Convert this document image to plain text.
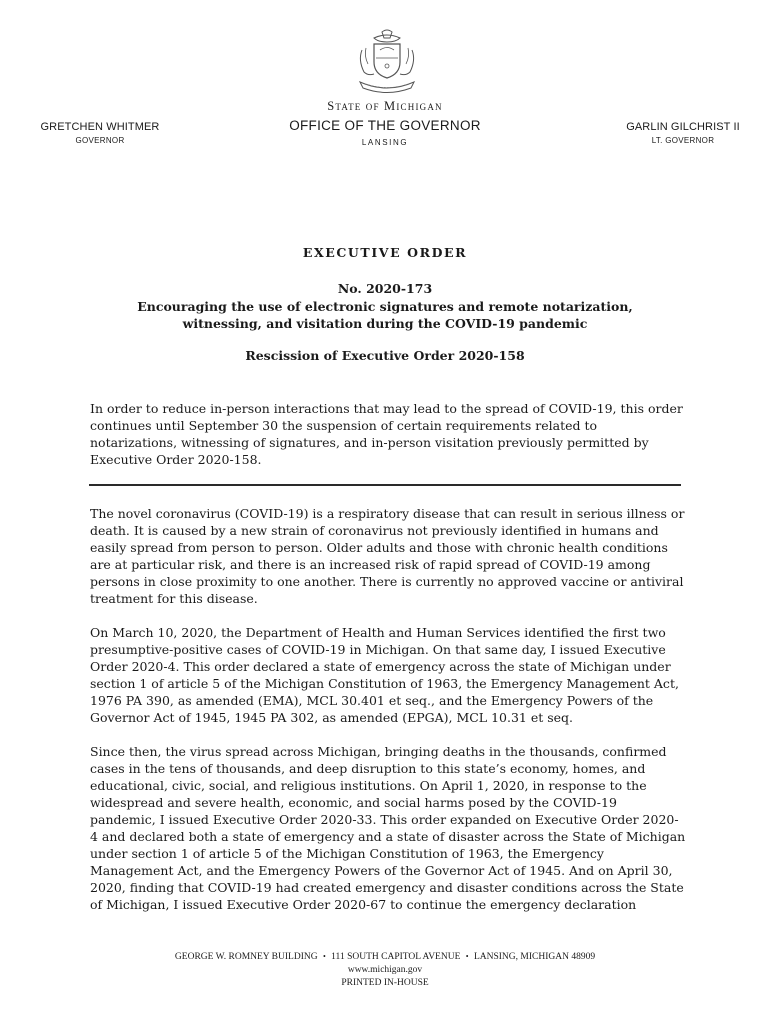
State of Michigan
OFFICE OF THE GOVERNOR
LANSING
GRETCHEN WHITMER
GOVERNOR
GARLIN GILCHRIST II
LT. GOVERNOR
EXECUTIVE ORDER
No. 2020-173
Encouraging the use of electronic signatures and remote notarization,
witnessing, and visitation during the COVID-19 pandemic
Rescission of Executive Order 2020-158
In order to reduce in-person interactions that may lead to the spread of COVID-19, this order continues until September 30 the suspension of certain requirements related to notarizations, witnessing of signatures, and in-person visitation previously permitted by Executive Order 2020-158.

The novel coronavirus (COVID-19) is a respiratory disease that can result in serious illness or death. It is caused by a new strain of coronavirus not previously identified in humans and easily spread from person to person. Older adults and those with chronic health conditions are at particular risk, and there is an increased risk of rapid spread of COVID-19 among persons in close proximity to one another. There is currently no approved vaccine or antiviral treatment for this disease.

On March 10, 2020, the Department of Health and Human Services identified the first two presumptive-positive cases of COVID-19 in Michigan. On that same day, I issued Executive Order 2020-4. This order declared a state of emergency across the state of Michigan under section 1 of article 5 of the Michigan Constitution of 1963, the Emergency Management Act, 1976 PA 390, as amended (EMA), MCL 30.401 et seq., and the Emergency Powers of the Governor Act of 1945, 1945 PA 302, as amended (EPGA), MCL 10.31 et seq.

Since then, the virus spread across Michigan, bringing deaths in the thousands, confirmed cases in the tens of thousands, and deep disruption to this state’s economy, homes, and educational, civic, social, and religious institutions. On April 1, 2020, in response to the widespread and severe health, economic, and social harms posed by the COVID-19 pandemic, I issued Executive Order 2020-33. This order expanded on Executive Order 2020-4 and declared both a state of emergency and a state of disaster across the State of Michigan under section 1 of article 5 of the Michigan Constitution of 1963, the Emergency Management Act, and the Emergency Powers of the Governor Act of 1945. And on April 30, 2020, finding that COVID-19 had created emergency and disaster conditions across the State of Michigan, I issued Executive Order 2020-67 to continue the emergency declaration

GEORGE W. ROMNEY BUILDING • 111 SOUTH CAPITOL AVENUE • LANSING, MICHIGAN 48909
www.michigan.gov
PRINTED IN-HOUSE
